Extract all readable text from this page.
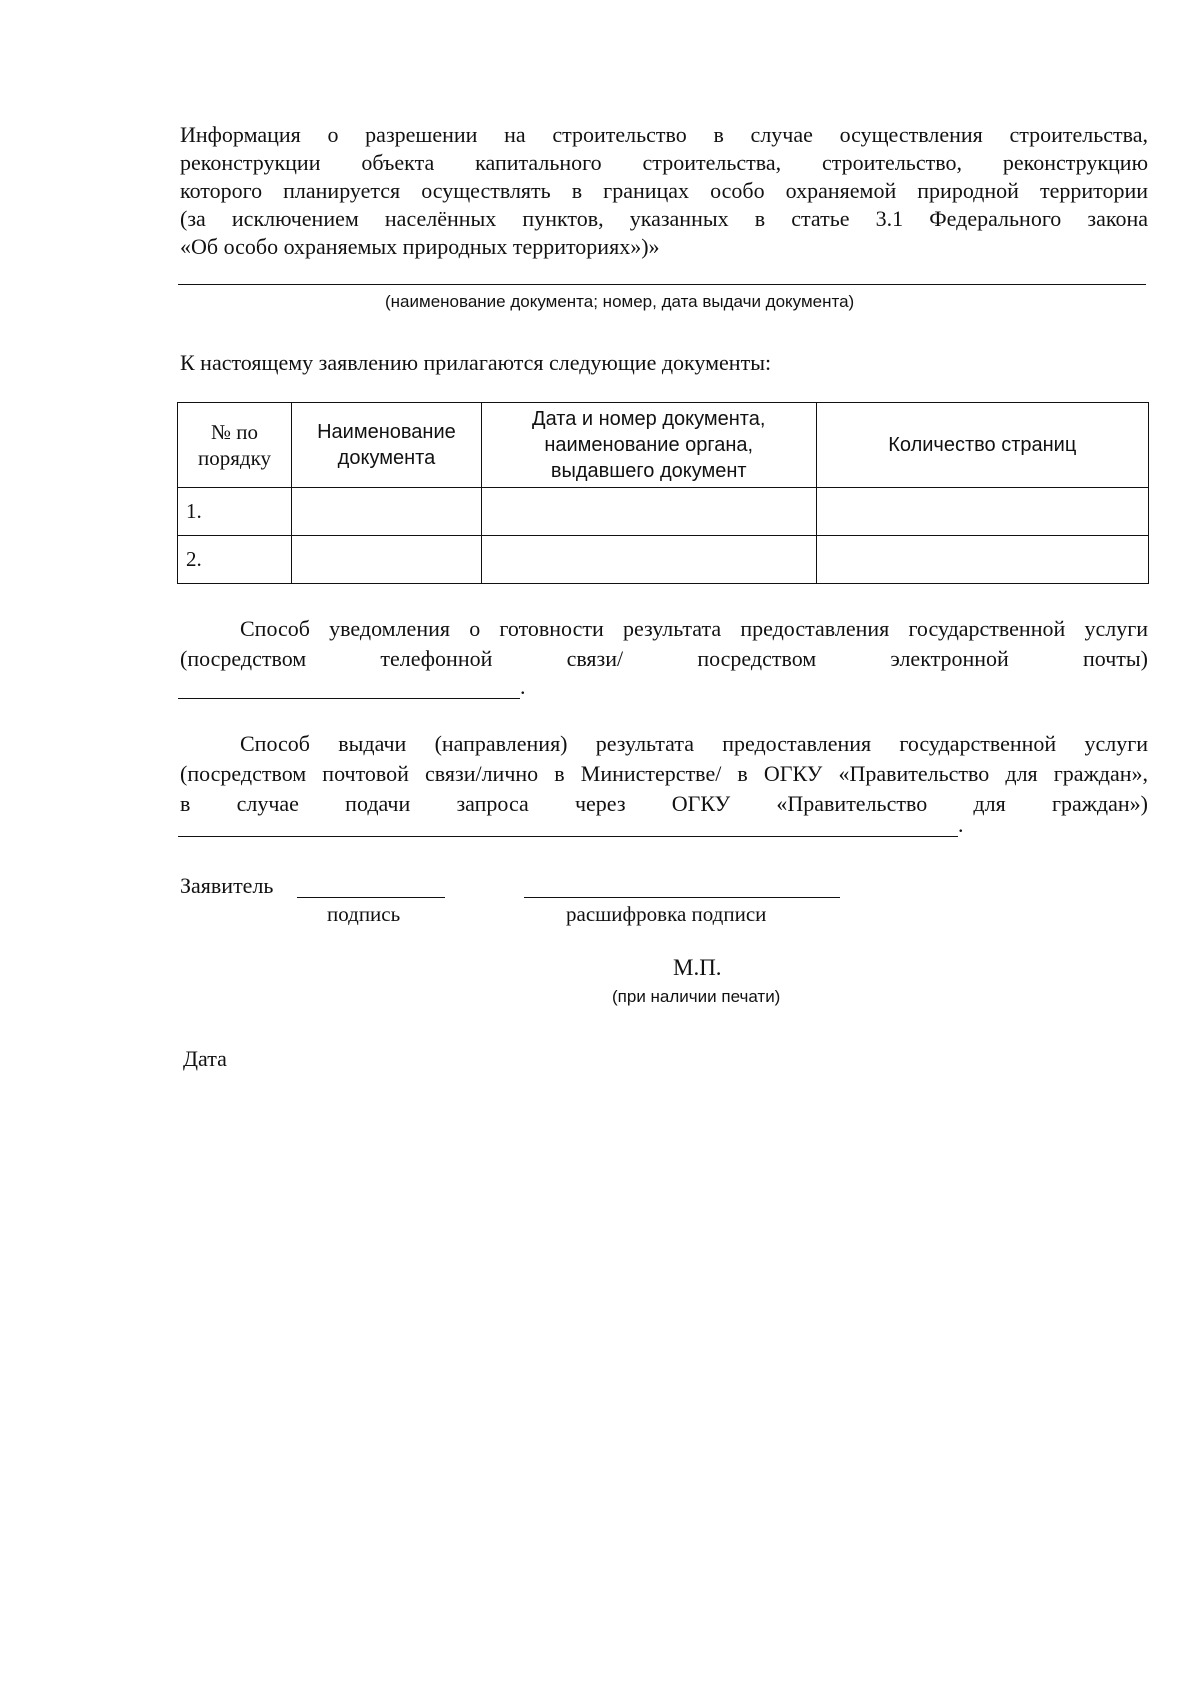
Информация о разрешении на строительство в случае осуществления строительства,
реконструкции объекта капитального строительства, строительство, реконструкцию
которого планируется осуществлять в границах особо охраняемой природной территории
(за исключением населённых пунктов, указанных в статье 3.1 Федерального закона
«Об особо охраняемых природных территориях»)»
(наименование документа; номер, дата выдачи документа)
К настоящему заявлению прилагаются следующие документы:
№ по порядку	Наименование документа	Дата и номер документа, наименование органа, выдавшего документ	Количество страниц
1.			
2.			
Способ уведомления о готовности результата предоставления государственной услуги
(посредством телефонной связи/ посредством электронной почты)
.
Способ выдачи (направления) результата предоставления государственной услуги
(посредством почтовой связи/лично в Министерстве/ в ОГКУ «Правительство для граждан»,
в случае подачи запроса через ОГКУ «Правительство для граждан»)
.
Заявитель
подпись	расшифровка подписи
М.П.
(при наличии печати)
Дата
